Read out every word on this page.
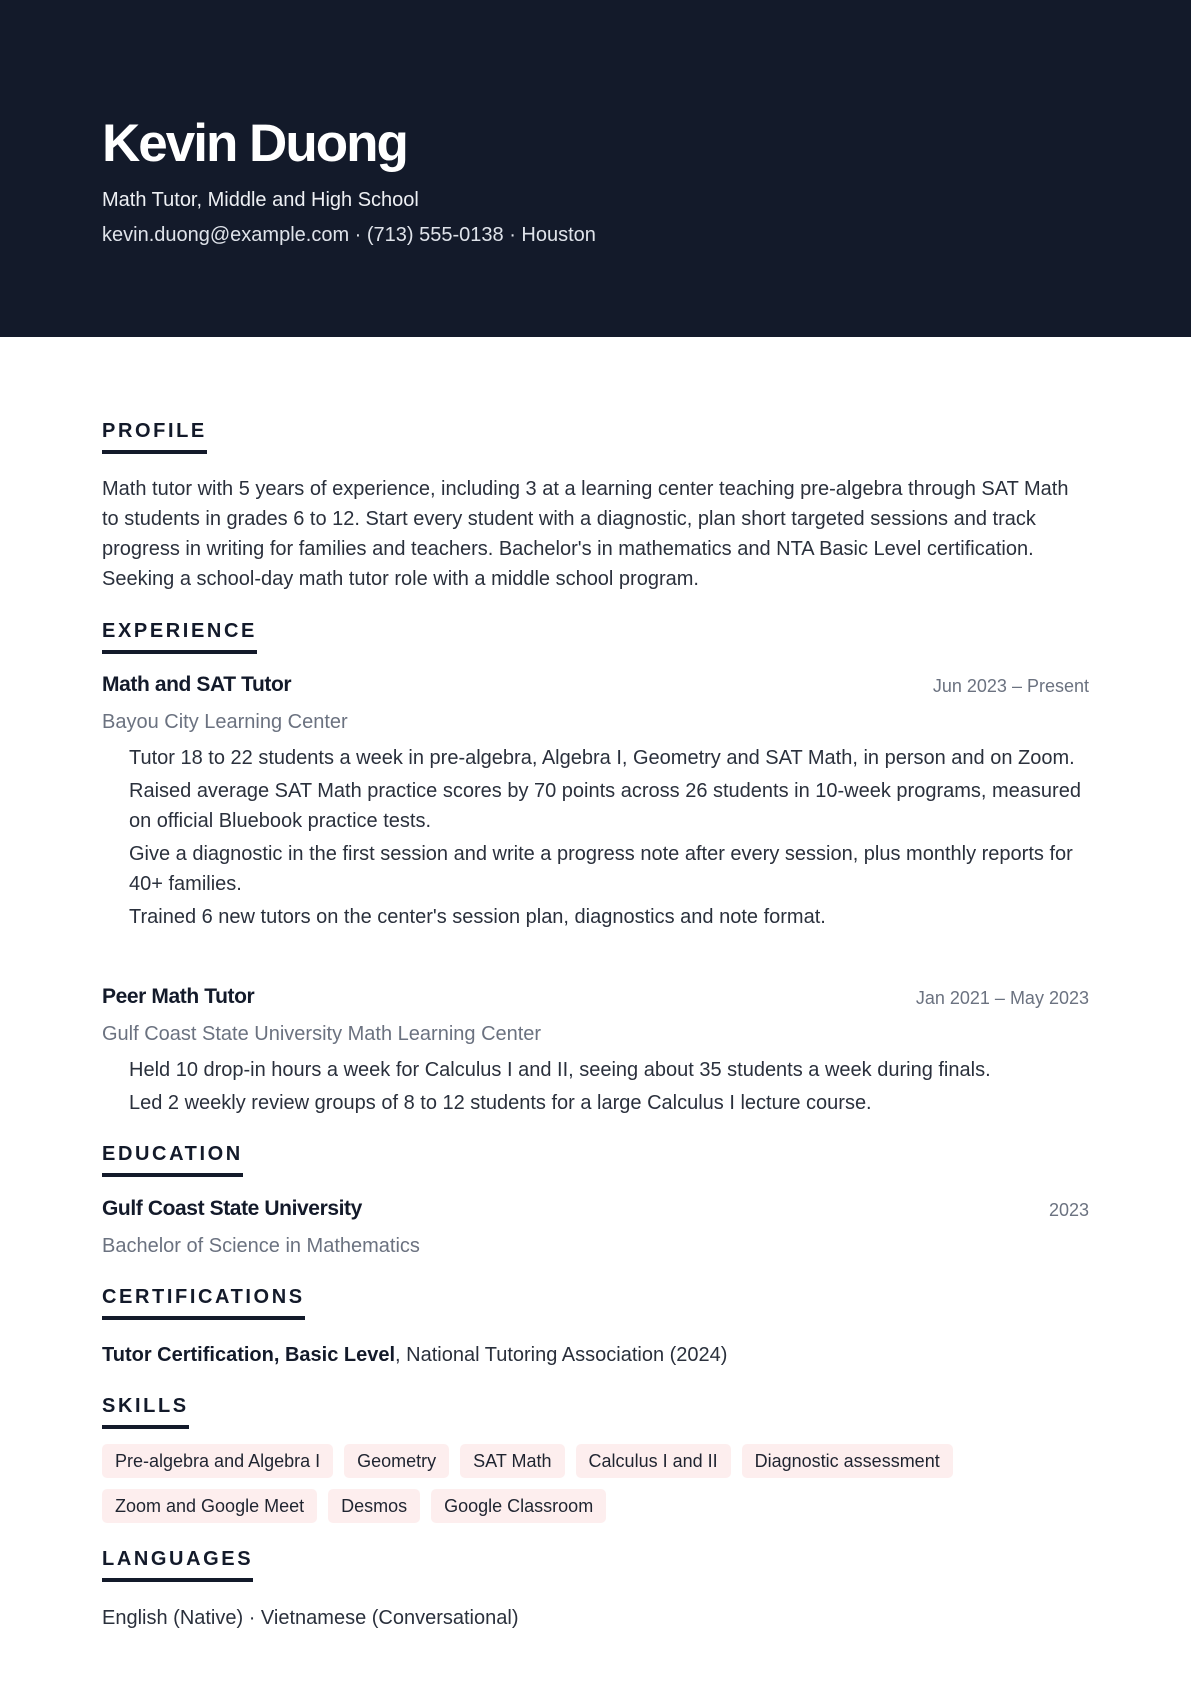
Kevin Duong
Math Tutor, Middle and High School
kevin.duong@example.com · (713) 555-0138 · Houston
PROFILE

Math tutor with 5 years of experience, including 3 at a learning center teaching pre-algebra through SAT Math to students in grades 6 to 12. Start every student with a diagnostic, plan short targeted sessions and track progress in writing for families and teachers. Bachelor's in mathematics and NTA Basic Level certification. Seeking a school-day math tutor role with a middle school program.

EXPERIENCE
Math and SAT Tutor	Jun 2023 – Present
Bayou City Learning Center
Tutor 18 to 22 students a week in pre-algebra, Algebra I, Geometry and SAT Math, in person and on Zoom.
Raised average SAT Math practice scores by 70 points across 26 students in 10-week programs, measured on official Bluebook practice tests.
Give a diagnostic in the first session and write a progress note after every session, plus monthly reports for 40+ families.
Trained 6 new tutors on the center's session plan, diagnostics and note format.
Peer Math Tutor	Jan 2021 – May 2023
Gulf Coast State University Math Learning Center
Held 10 drop-in hours a week for Calculus I and II, seeing about 35 students a week during finals.
Led 2 weekly review groups of 8 to 12 students for a large Calculus I lecture course.
EDUCATION
Gulf Coast State University	2023
Bachelor of Science in Mathematics
CERTIFICATIONS
Tutor Certification, Basic Level, National Tutoring Association (2024)
SKILLS
Pre-algebra and Algebra I	Geometry	SAT Math	Calculus I and II	Diagnostic assessment
Zoom and Google Meet	Desmos	Google Classroom
LANGUAGES
English (Native) · Vietnamese (Conversational)
